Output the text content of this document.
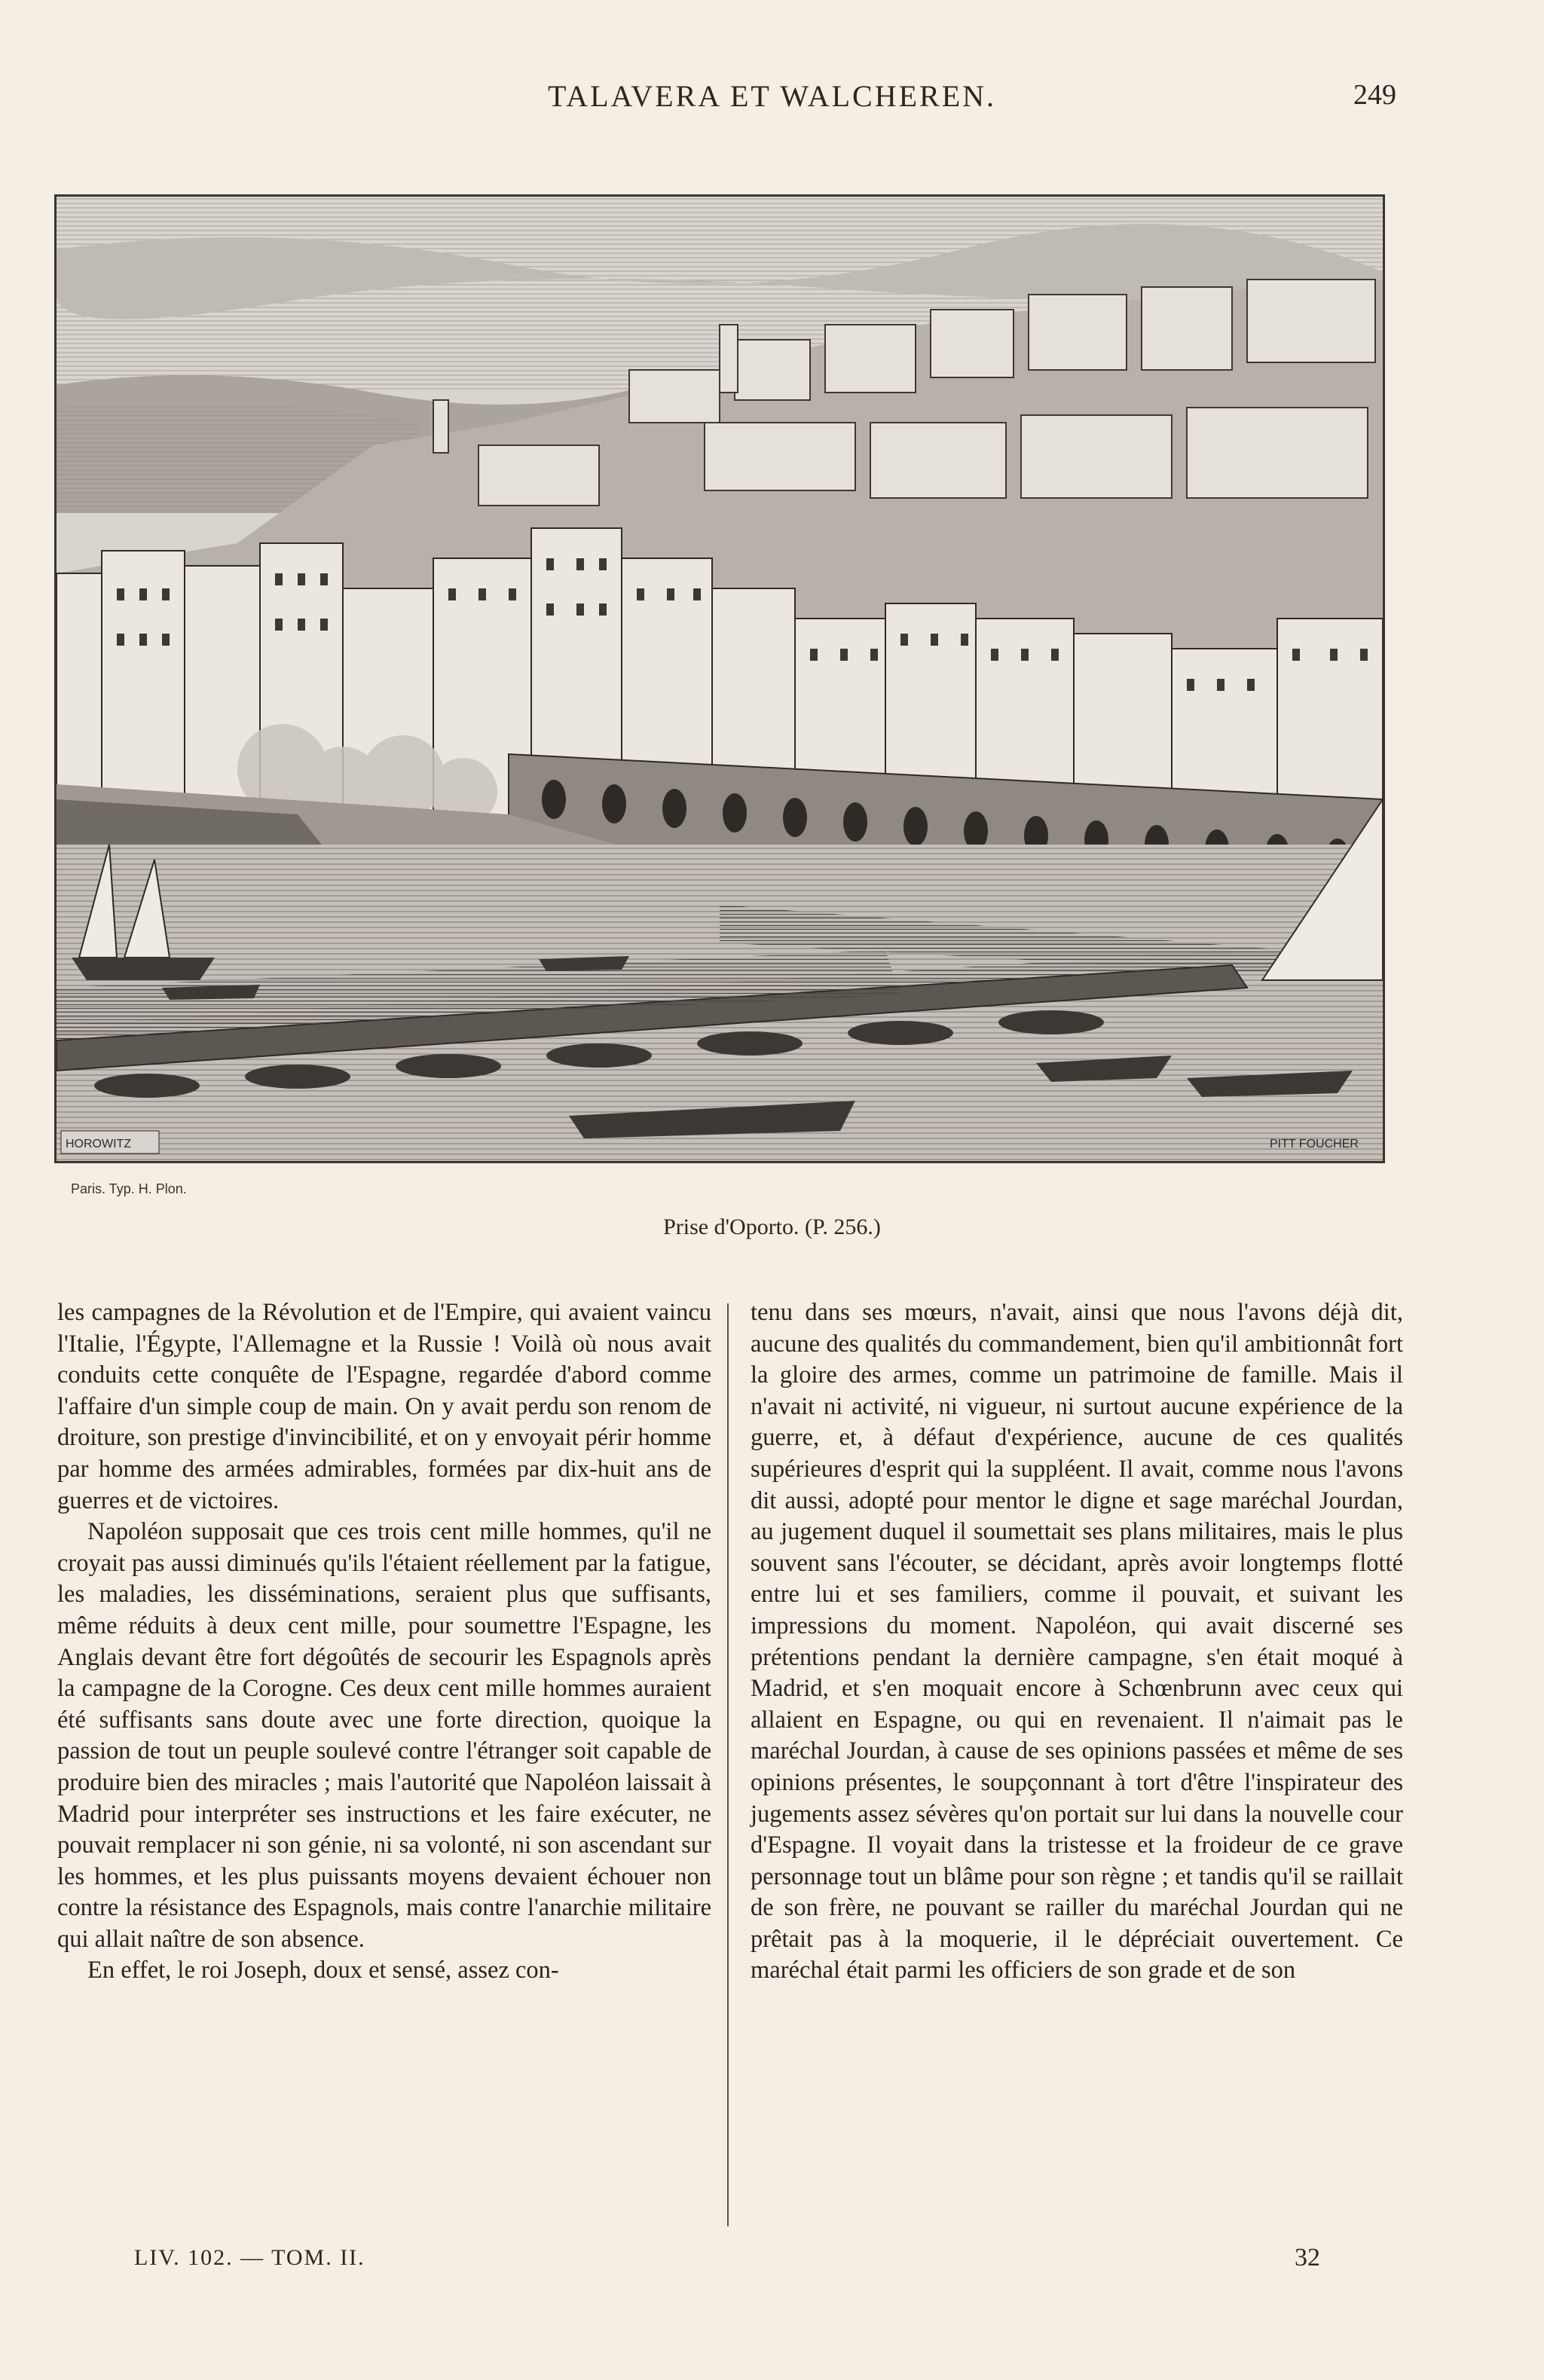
TALAVERA ET WALCHEREN.	249
HOROWITZ	PITT FOUCHER
Paris. Typ. H. Plon.
Prise d'Oporto. (P. 256.)

les campagnes de la Révolution et de l'Empire, qui avaient vaincu l'Italie, l'Égypte, l'Allemagne et la Russie ! Voilà où nous avait conduits cette conquête de l'Espagne, regardée d'abord comme l'affaire d'un simple coup de main. On y avait perdu son renom de droiture, son prestige d'invincibilité, et on y envoyait périr homme par homme des armées admirables, formées par dix-huit ans de guerres et de victoires.

Napoléon supposait que ces trois cent mille hommes, qu'il ne croyait pas aussi diminués qu'ils l'étaient réellement par la fatigue, les maladies, les disséminations, seraient plus que suffisants, même réduits à deux cent mille, pour soumettre l'Espagne, les Anglais devant être fort dégoûtés de secourir les Espagnols après la campagne de la Corogne. Ces deux cent mille hommes auraient été suffisants sans doute avec une forte direction, quoique la passion de tout un peuple soulevé contre l'étranger soit capable de produire bien des miracles ; mais l'autorité que Napoléon laissait à Madrid pour interpréter ses instructions et les faire exécuter, ne pouvait remplacer ni son génie, ni sa volonté, ni son ascendant sur les hommes, et les plus puissants moyens devaient échouer non contre la résistance des Espagnols, mais contre l'anarchie militaire qui allait naître de son absence.

En effet, le roi Joseph, doux et sensé, assez con-

tenu dans ses mœurs, n'avait, ainsi que nous l'avons déjà dit, aucune des qualités du commandement, bien qu'il ambitionnât fort la gloire des armes, comme un patrimoine de famille. Mais il n'avait ni activité, ni vigueur, ni surtout aucune expérience de la guerre, et, à défaut d'expérience, aucune de ces qualités supérieures d'esprit qui la suppléent. Il avait, comme nous l'avons dit aussi, adopté pour mentor le digne et sage maréchal Jourdan, au jugement duquel il soumettait ses plans militaires, mais le plus souvent sans l'écouter, se décidant, après avoir longtemps flotté entre lui et ses familiers, comme il pouvait, et suivant les impressions du moment. Napoléon, qui avait discerné ses prétentions pendant la dernière campagne, s'en était moqué à Madrid, et s'en moquait encore à Schœnbrunn avec ceux qui allaient en Espagne, ou qui en revenaient. Il n'aimait pas le maréchal Jourdan, à cause de ses opinions passées et même de ses opinions présentes, le soupçonnant à tort d'être l'inspirateur des jugements assez sévères qu'on portait sur lui dans la nouvelle cour d'Espagne. Il voyait dans la tristesse et la froideur de ce grave personnage tout un blâme pour son règne ; et tandis qu'il se raillait de son frère, ne pouvant se railler du maréchal Jourdan qui ne prêtait pas à la moquerie, il le dépréciait ouvertement. Ce maréchal était parmi les officiers de son grade et de son

LIV. 102. — TOM. II.	32
